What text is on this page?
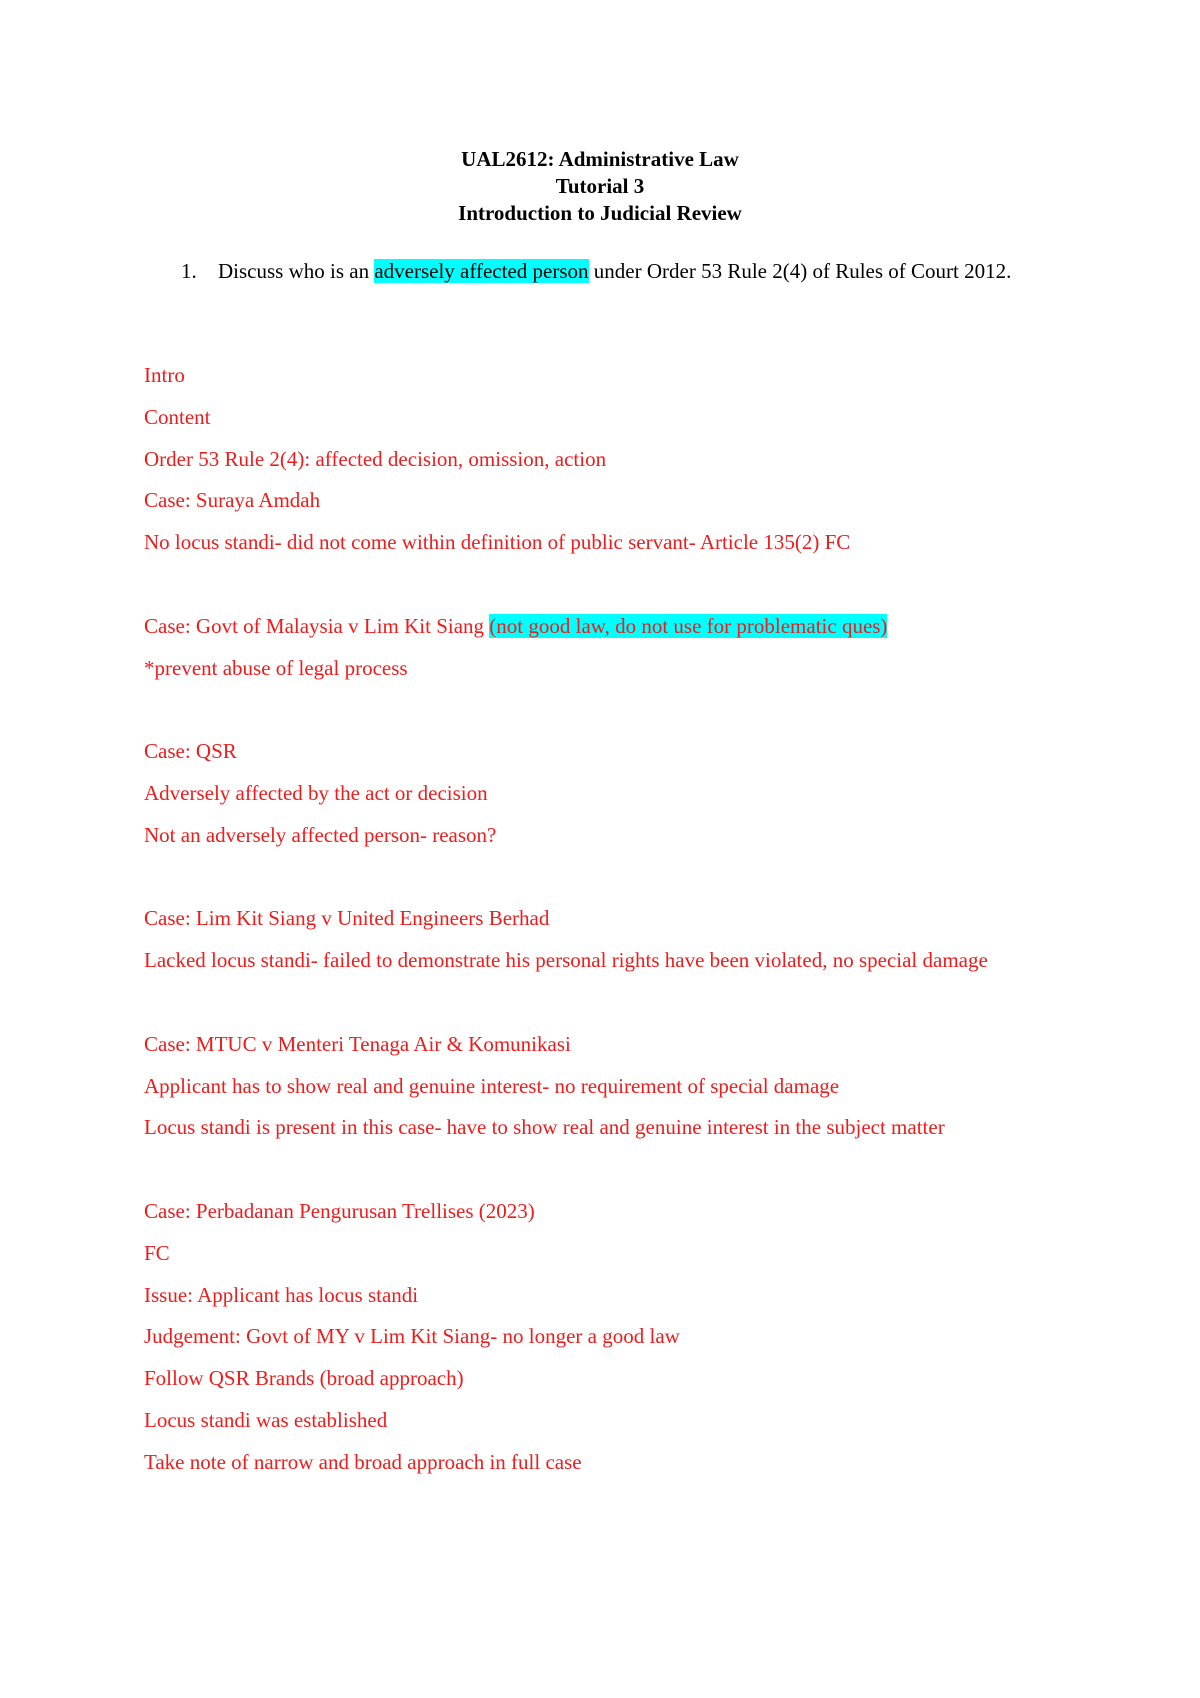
UAL2612: Administrative Law
Tutorial 3
Introduction to Judicial Review
1. Discuss who is an adversely affected person under Order 53 Rule 2(4) of Rules of Court 2012.
Intro
Content
Order 53 Rule 2(4): affected decision, omission, action
Case: Suraya Amdah
No locus standi- did not come within definition of public servant- Article 135(2) FC
Case: Govt of Malaysia v Lim Kit Siang (not good law, do not use for problematic ques)
*prevent abuse of legal process
Case: QSR
Adversely affected by the act or decision
Not an adversely affected person- reason?
Case: Lim Kit Siang v United Engineers Berhad
Lacked locus standi- failed to demonstrate his personal rights have been violated, no special damage
Case: MTUC v Menteri Tenaga Air & Komunikasi
Applicant has to show real and genuine interest- no requirement of special damage
Locus standi is present in this case- have to show real and genuine interest in the subject matter
Case: Perbadanan Pengurusan Trellises (2023)
FC
Issue: Applicant has locus standi
Judgement: Govt of MY v Lim Kit Siang- no longer a good law
Follow QSR Brands (broad approach)
Locus standi was established
Take note of narrow and broad approach in full case
